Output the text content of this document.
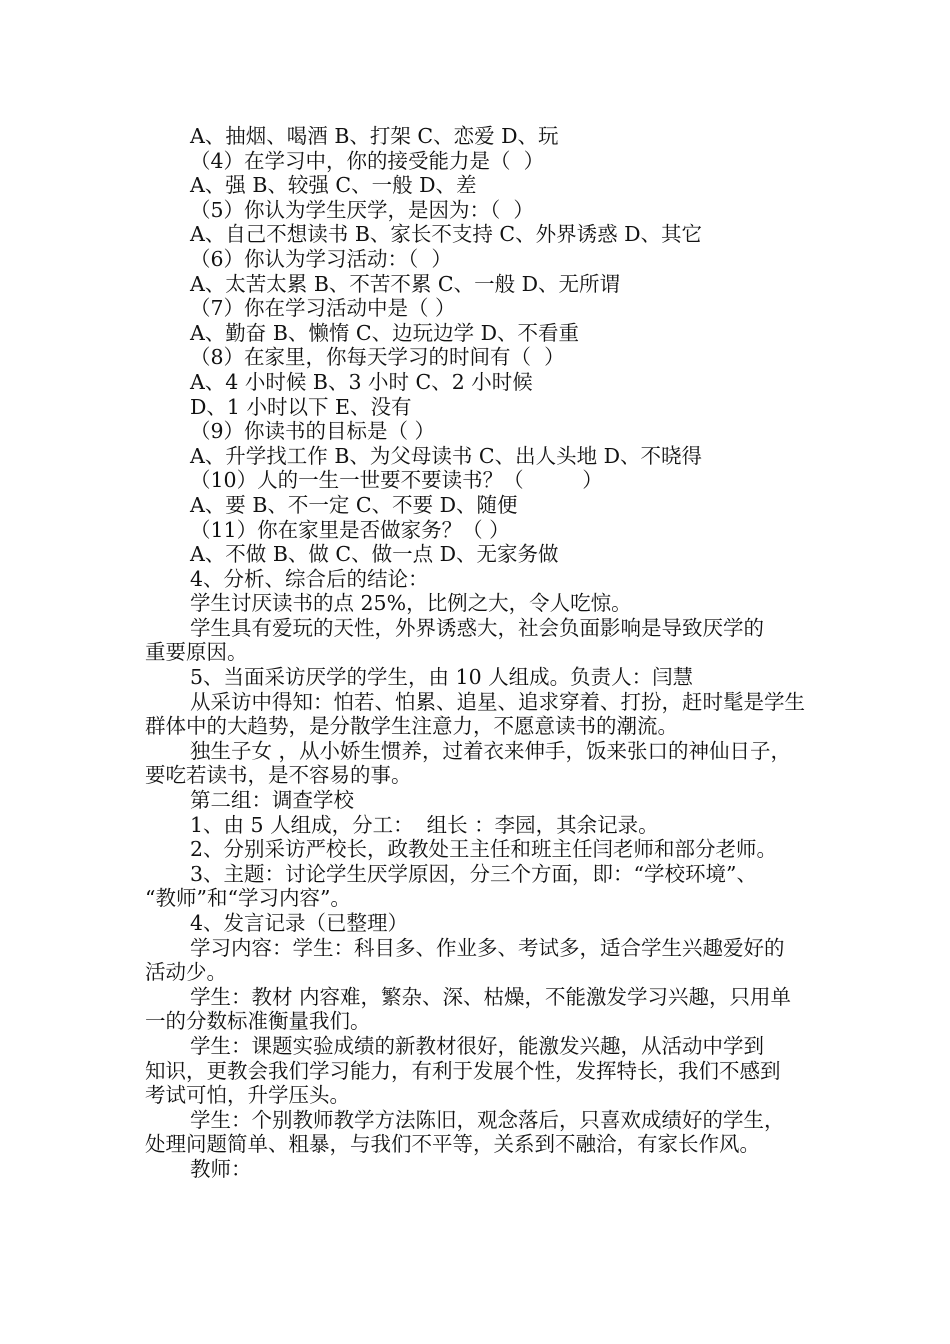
A、抽烟、喝酒 B、打架 C、恋爱 D、玩
（4）在学习中，你的接受能力是（  ）
A、强 B、较强 C、一般 D、差
（5）你认为学生厌学，是因为：（  ）
A、自己不想读书 B、家长不支持 C、外界诱惑 D、其它
（6）你认为学习活动：（  ）
A、太苦太累 B、不苦不累 C、一般 D、无所谓
（7）你在学习活动中是（ ）
A、勤奋 B、懒惰 C、边玩边学 D、不看重
（8）在家里，你每天学习的时间有（  ）
A、4 小时候 B、3 小时 C、2 小时候
D、1 小时以下 E、没有
（9）你读书的目标是（ ）
A、升学找工作 B、为父母读书 C、出人头地 D、不晓得
（10）人的一生一世要不要读书？（         ）
A、要 B、不一定 C、不要 D、随便
（11）你在家里是否做家务？（ ）
A、不做 B、做 C、做一点 D、无家务做
4、分析、综合后的结论：
学生讨厌读书的点 25%，比例之大，令人吃惊。
学生具有爱玩的天性，外界诱惑大，社会负面影响是导致厌学的
重要原因。
5、当面采访厌学的学生，由 10 人组成。负责人：闫慧
从采访中得知：怕若、怕累、追星、追求穿着、打扮，赶时髦是学生
群体中的大趋势，是分散学生注意力，不愿意读书的潮流。
独生子女 ，从小娇生惯养，过着衣来伸手，饭来张口的神仙日子，
要吃若读书，是不容易的事。
第二组：调查学校
1、由 5 人组成，分工：  组长 ：李园，其余记录。
2、分别采访严校长，政教处王主任和班主任闫老师和部分老师。
3、主题：讨论学生厌学原因，分三个方面，即：“学校环境”、
“教师”和“学习内容”。
4、发言记录（已整理）
学习内容：学生：科目多、作业多、考试多，适合学生兴趣爱好的
活动少。
学生：教材 内容难，繁杂、深、枯燥，不能激发学习兴趣，只用单
一的分数标准衡量我们。
学生：课题实验成绩的新教材很好，能激发兴趣，从活动中学到
知识，更教会我们学习能力，有利于发展个性，发挥特长，我们不感到
考试可怕，升学压头。
学生：个别教师教学方法陈旧，观念落后，只喜欢成绩好的学生，
处理问题简单、粗暴，与我们不平等，关系到不融洽，有家长作风。
教师：
